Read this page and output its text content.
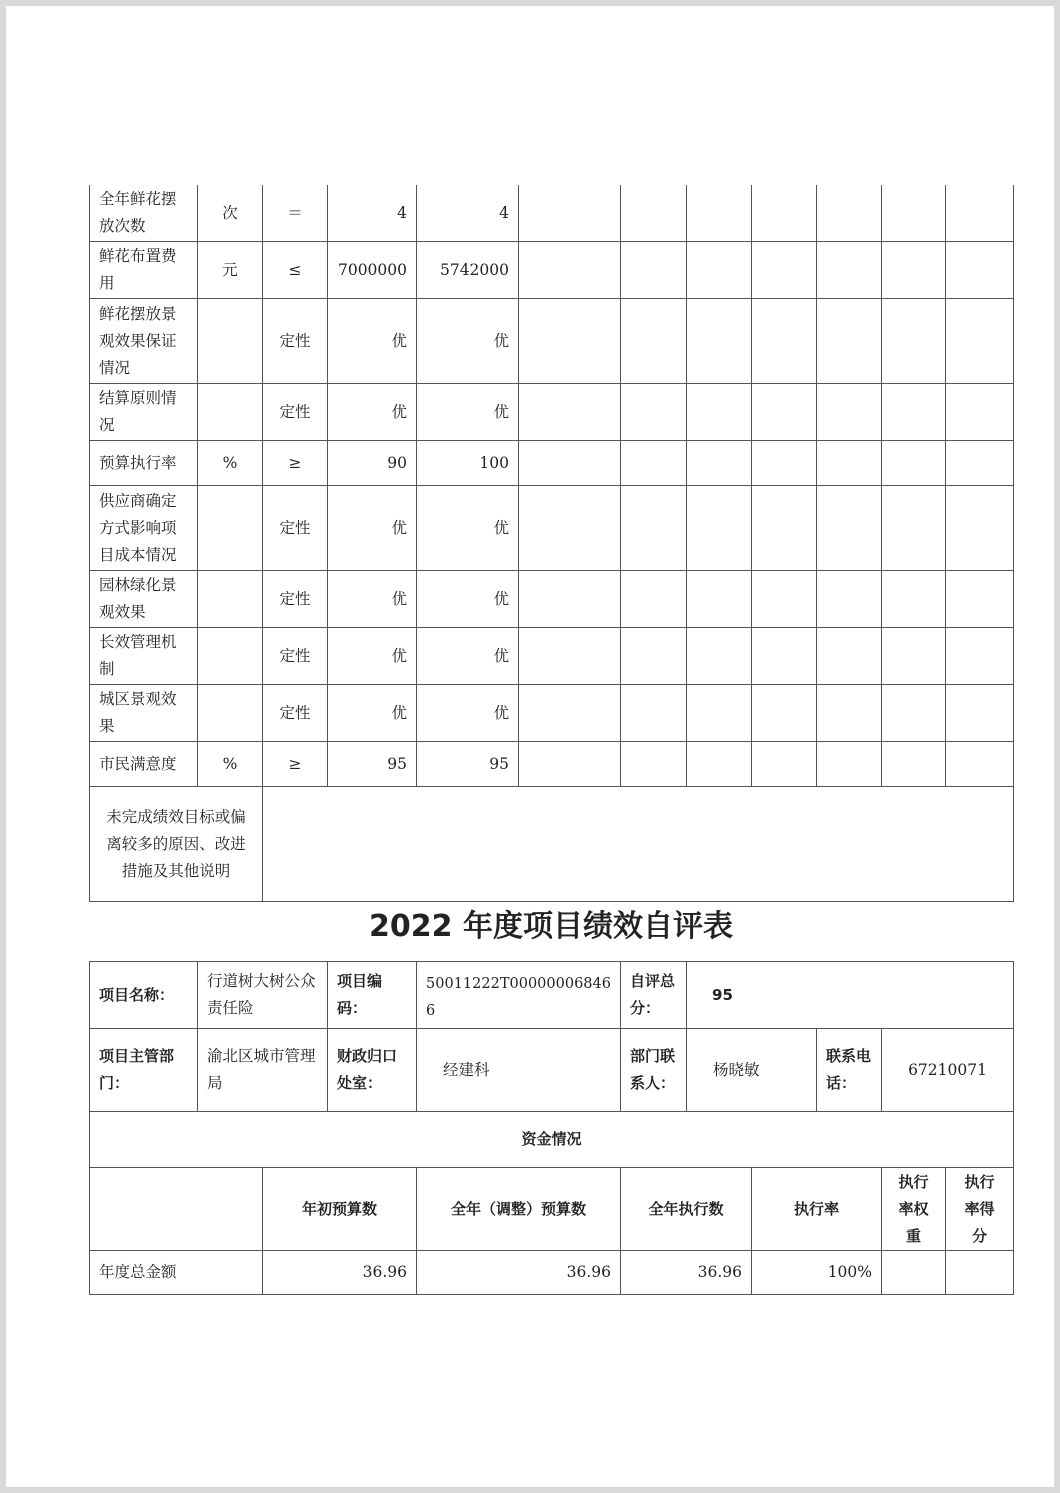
全年鲜花摆放次数	次	＝	4	4							
鲜花布置费用	元	≤	7000000	5742000							
鲜花摆放景观效果保证情况		定性	优	优							
结算原则情况		定性	优	优							
预算执行率	%	≥	90	100							
供应商确定方式影响项目成本情况		定性	优	优							
园林绿化景观效果		定性	优	优							
长效管理机制		定性	优	优							
城区景观效果		定性	优	优							
市民满意度	%	≥	95	95							
未完成绩效目标或偏离较多的原因、改进措施及其他说明											
2022 年度项目绩效自评表
项目名称：	行道树大树公众责任险		项目编码：	50011222T000000068466	自评总分：	95				
项目主管部门：	渝北区城市管理局		财政归口处室：	经建科	部门联系人：	杨晓敏		联系电话：	67210071	
资金情况										
		年初预算数		全年（调整）预算数	全年执行数		执行率		执行率权重	执行率得分
年度总金额		36.96		36.96	36.96		100%			
